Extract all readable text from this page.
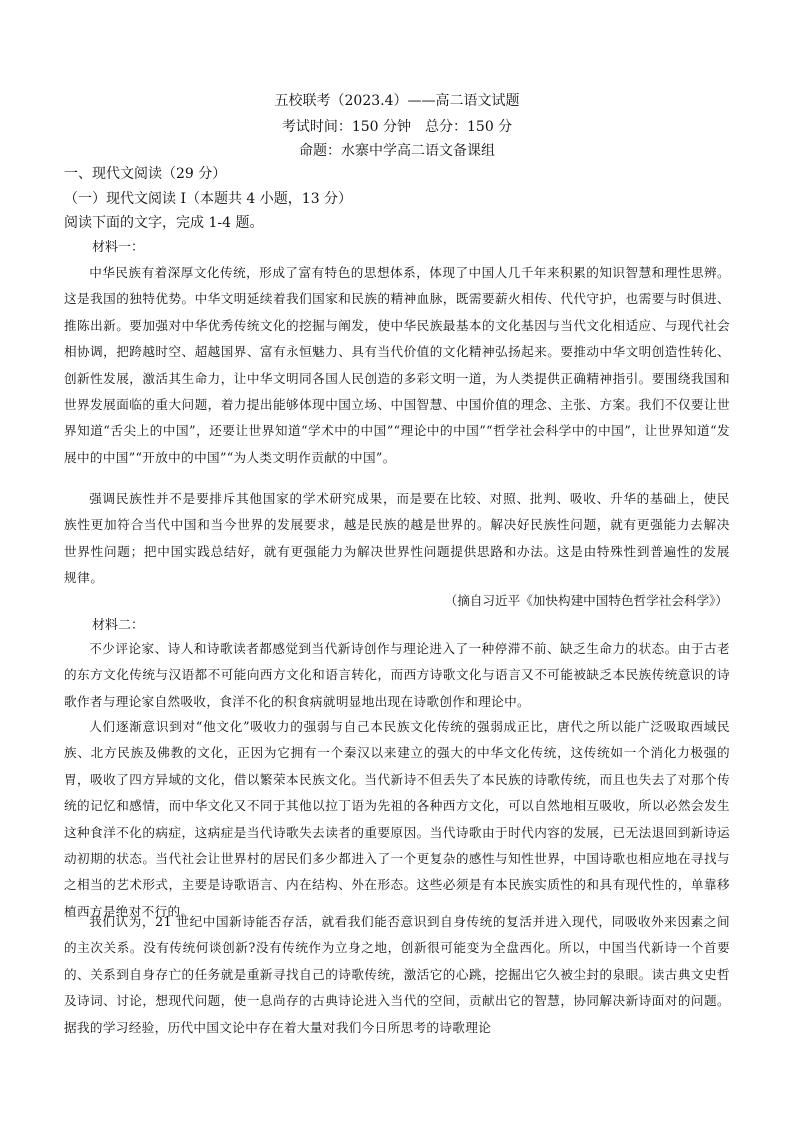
五校联考（2023.4）——高二语文试题
考试时间：150 分钟　总分：150 分
命题：水寨中学高二语文备课组
一、现代文阅读（29 分）
（一）现代文阅读 I（本题共 4 小题，13 分）
阅读下面的文字，完成 1-4 题。
材料一：
中华民族有着深厚文化传统，形成了富有特色的思想体系，体现了中国人几千年来积累的知识智慧和理性思辨。这是我国的独特优势。中华文明延续着我们国家和民族的精神血脉，既需要薪火相传、代代守护，也需要与时俱进、推陈出新。要加强对中华优秀传统文化的挖掘与阐发，使中华民族最基本的文化基因与当代文化相适应、与现代社会相协调，把跨越时空、超越国界、富有永恒魅力、具有当代价值的文化精神弘扬起来。要推动中华文明创造性转化、创新性发展，激活其生命力，让中华文明同各国人民创造的多彩文明一道，为人类提供正确精神指引。要围绕我国和世界发展面临的重大问题，着力提出能够体现中国立场、中国智慧、中国价值的理念、主张、方案。我们不仅要让世界知道“舌尖上的中国”，还要让世界知道“学术中的中国”“理论中的中国”“哲学社会科学中的中国”，让世界知道“发展中的中国”“开放中的中国”“为人类文明作贡献的中国”。
强调民族性并不是要排斥其他国家的学术研究成果，而是要在比较、对照、批判、吸收、升华的基础上，使民族性更加符合当代中国和当今世界的发展要求，越是民族的越是世界的。解决好民族性问题，就有更强能力去解决世界性问题；把中国实践总结好，就有更强能力为解决世界性问题提供思路和办法。这是由特殊性到普遍性的发展规律。
（摘自习近平《加快构建中国特色哲学社会科学》）
材料二：
不少评论家、诗人和诗歌读者都感觉到当代新诗创作与理论进入了一种停滞不前、缺乏生命力的状态。由于古老的东方文化传统与汉语都不可能向西方文化和语言转化，而西方诗歌文化与语言又不可能被缺乏本民族传统意识的诗歌作者与理论家自然吸收，食洋不化的积食病就明显地出现在诗歌创作和理论中。
人们逐渐意识到对“他文化”吸收力的强弱与自己本民族文化传统的强弱成正比，唐代之所以能广泛吸取西域民族、北方民族及佛教的文化，正因为它拥有一个秦汉以来建立的强大的中华文化传统，这传统如一个消化力极强的胃，吸收了四方异域的文化，借以繁荣本民族文化。当代新诗不但丢失了本民族的诗歌传统，而且也失去了对那个传统的记忆和感情，而中华文化又不同于其他以拉丁语为先祖的各种西方文化，可以自然地相互吸收，所以必然会发生这种食洋不化的病症，这病症是当代诗歌失去读者的重要原因。当代诗歌由于时代内容的发展，已无法退回到新诗运动初期的状态。当代社会让世界村的居民们多少都进入了一个更复杂的感性与知性世界，中国诗歌也相应地在寻找与之相当的艺术形式，主要是诗歌语言、内在结构、外在形态。这些必须是有本民族实质性的和具有现代性的，单靠移植西方是绝对不行的。
我们认为，21 世纪中国新诗能否存活，就看我们能否意识到自身传统的复活并进入现代，同吸收外来因素之间的主次关系。没有传统何谈创新?没有传统作为立身之地，创新很可能变为全盘西化。所以，中国当代新诗一个首要的、关系到自身存亡的任务就是重新寻找自己的诗歌传统，激活它的心跳，挖掘出它久被尘封的泉眼。读古典文史哲及诗词、讨论，想现代问题，使一息尚存的古典诗论进入当代的空间，贡献出它的智慧，协同解决新诗面对的问题。据我的学习经验，历代中国文论中存在着大量对我们今日所思考的诗歌理论
